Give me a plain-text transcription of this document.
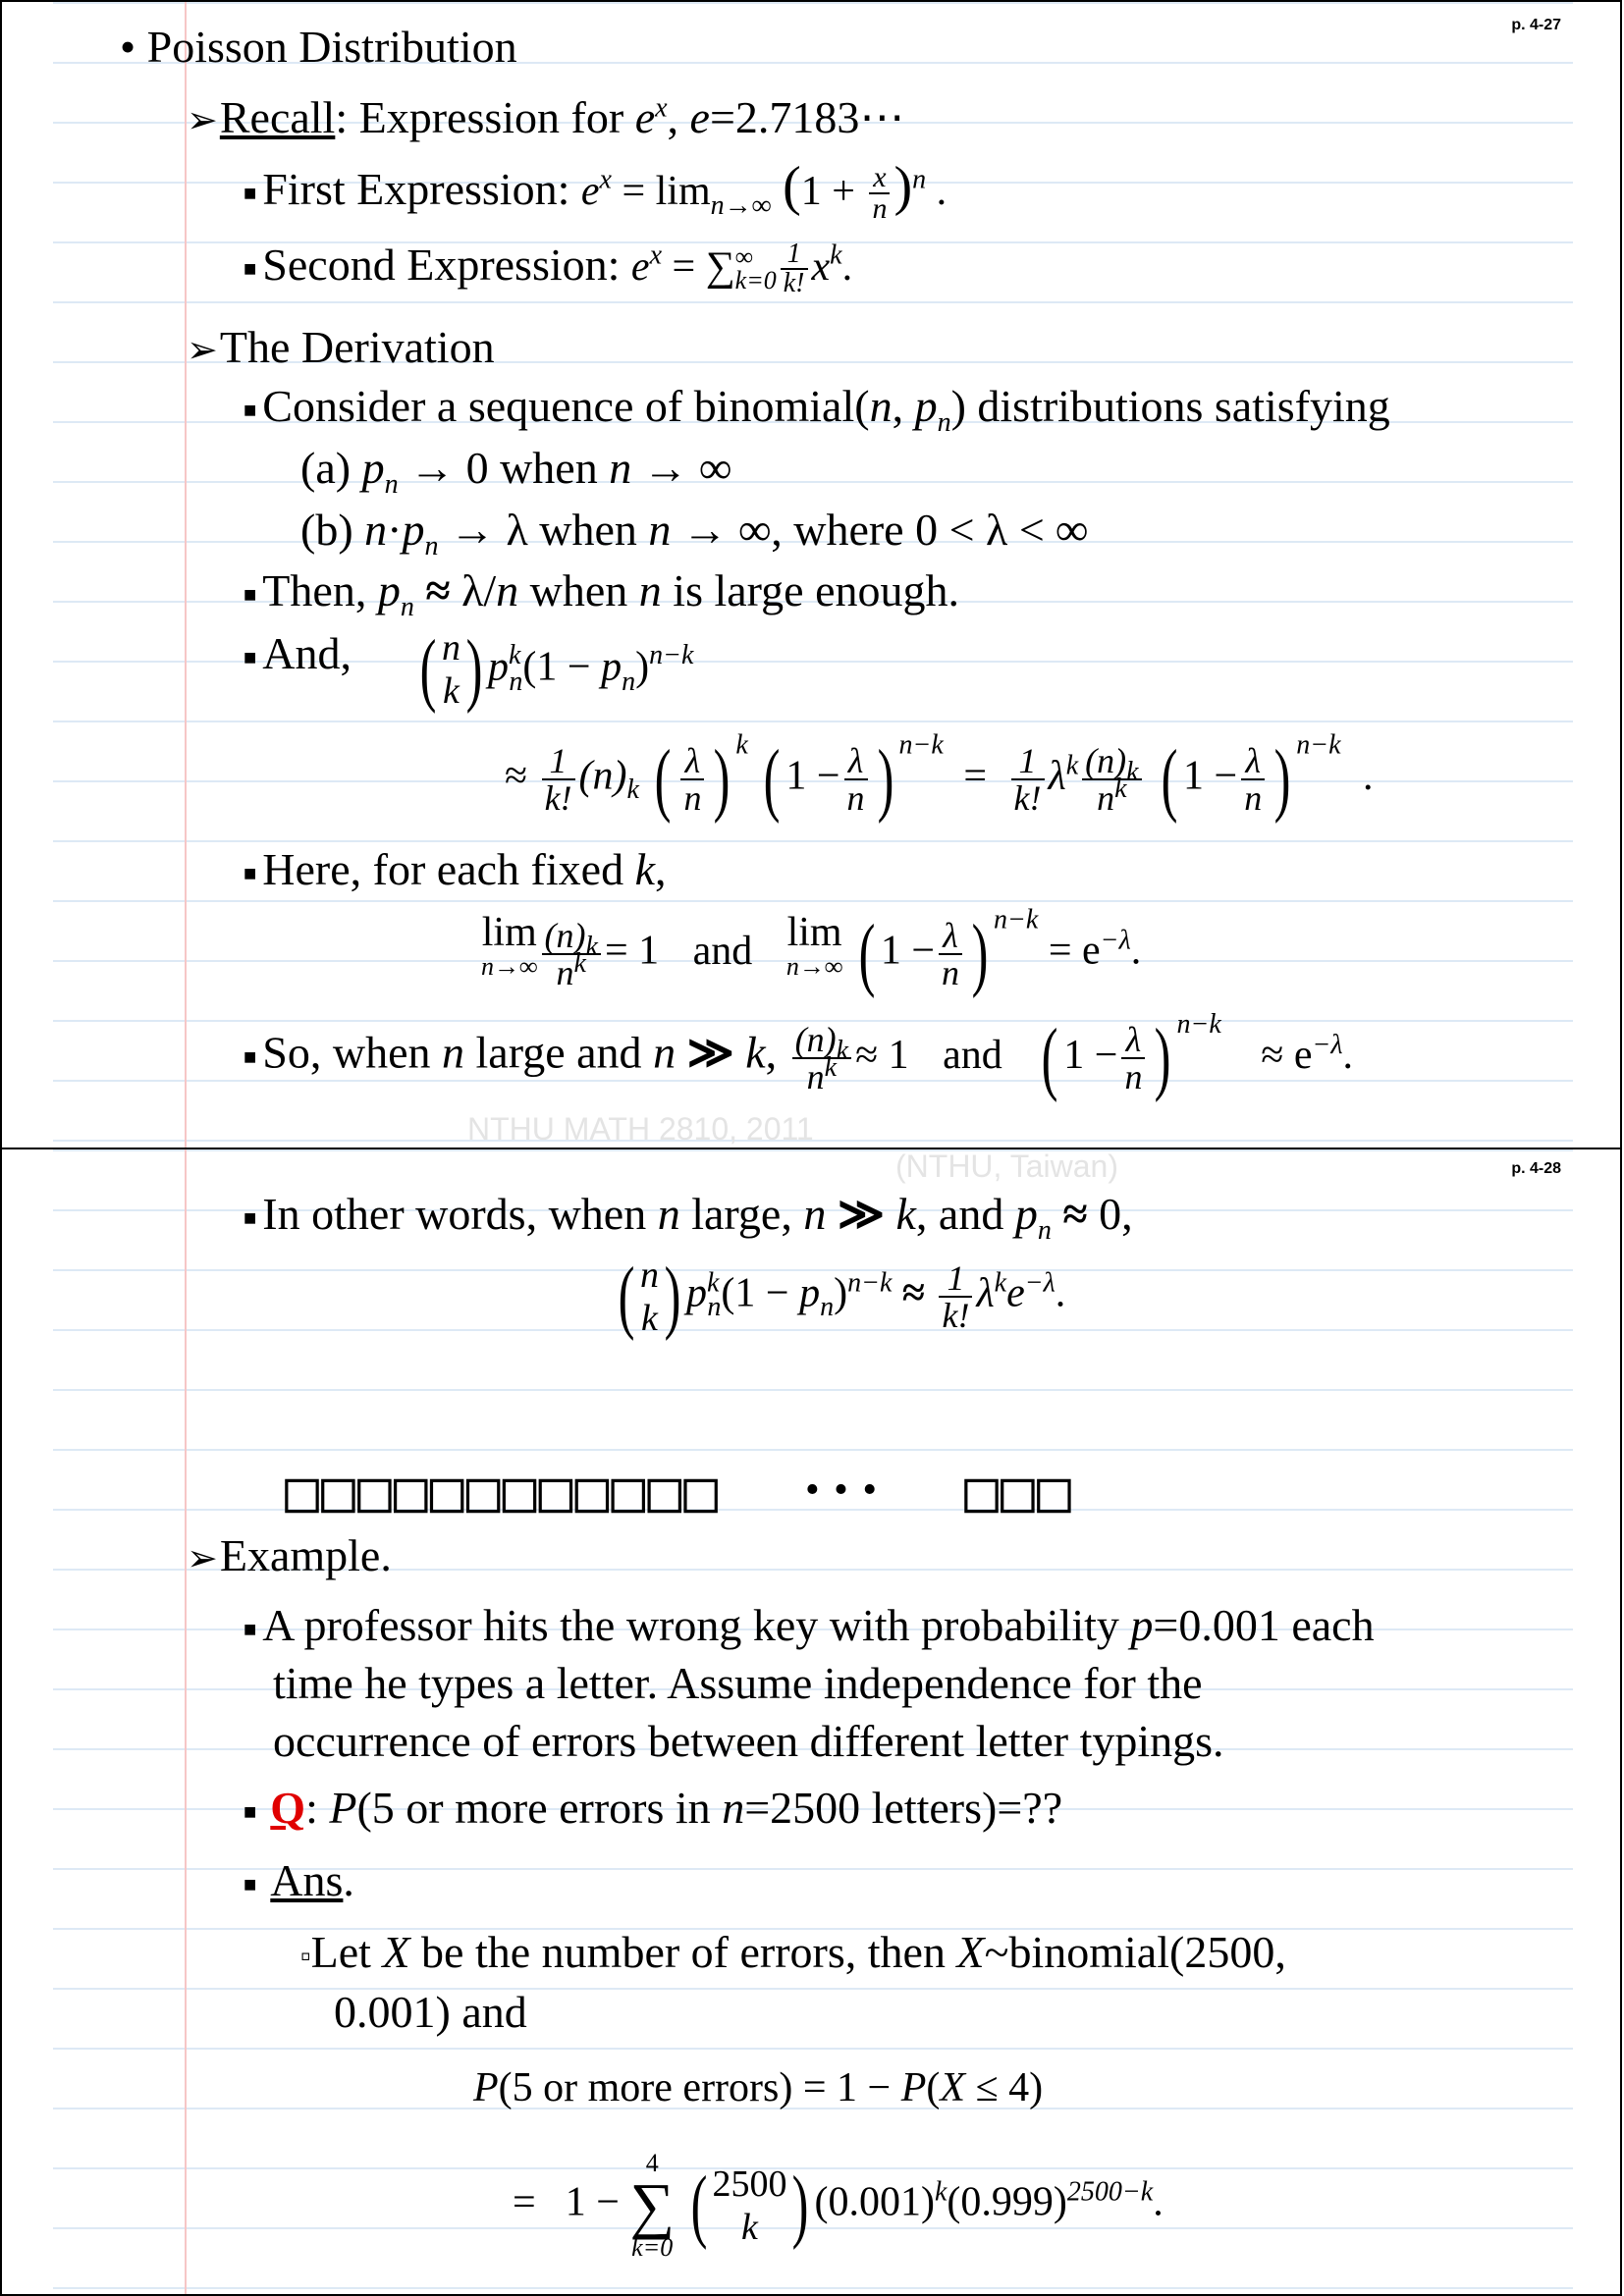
p. 4-27
• Poisson Distribution
➢Recall: Expression for $e^x$, e=2.7183⋯
■ First Expression: $e^x = \lim_{n\to\infty} (1 + \frac{x}{n} )^n$ .
■ Second Expression: $e^x$ = ∑ ∞
$k=0 \frac{1}{k!} x^k$.
➢The Derivation
■ Consider a sequence of binomial(n, $p_n$) distributions satisfying
(a) $p_n \to 0$ when n → ∞
(b) $n\cdot p_n \to \lambda$ when n → ∞, where 0 < λ < ∞
■ Then, $p_n \approx \lambda/n$ when n is large enough.
■ And, ( n
k ) $p^k_n(1 - p_n)^{n-k}$
≈ $\frac{1}{k!} (n)_k$ ( $\frac{\lambda}{n}$ ) $^k$ ( $1 - \frac{\lambda}{n}$ ) $^{n-k} = \frac{1}{k!} \lambda^k \frac{(n)_k}{n^k}$ ( $1 - \frac{\lambda}{n}$ ) $^{n-k}$ .
■ Here, for each fixed k,
lim
$n\to\infty \frac{(n)_k}{n^k} = 1$ and lim
n→∞ ( $1 - \frac{\lambda}{n}$ ) $^{n-k} = e^{-\lambda}$.
■ So, when n large and n ≫ k, $\frac{(n)_k}{n^k} \approx 1$ and ( $1 - \frac{\lambda}{n}$ ) $^{n-k} \approx e^{-\lambda}$.
NTHU MATH 2810, 2011
(NTHU, Taiwan)	p. 4-28
■ In other words, when n large, n ≫ k, and $p_n \approx 0$,
( n
k ) $p^k_n(1 - p_n)^{n-k} \approx \frac{1}{k!} \lambda^ke^{-\lambda}$.
□□□□□□□□□□□□ • • • □□□
➢Example.
■ A professor hits the wrong key with probability p=0.001 each
time he types a letter. Assume independence for the
occurrence of errors between different letter typings.
■ Q: P(5 or more errors in n=2500 letters)=??
■ Ans.
▫Let X be the number of errors, then X~binomial(2500,
0.001) and
P(5 or more errors) = 1 − P(X ≤ 4)
= 1 −
4
∑
k=0 ( 2500
k ) $(0.001)^k(0.999)^{2500-k}$.
